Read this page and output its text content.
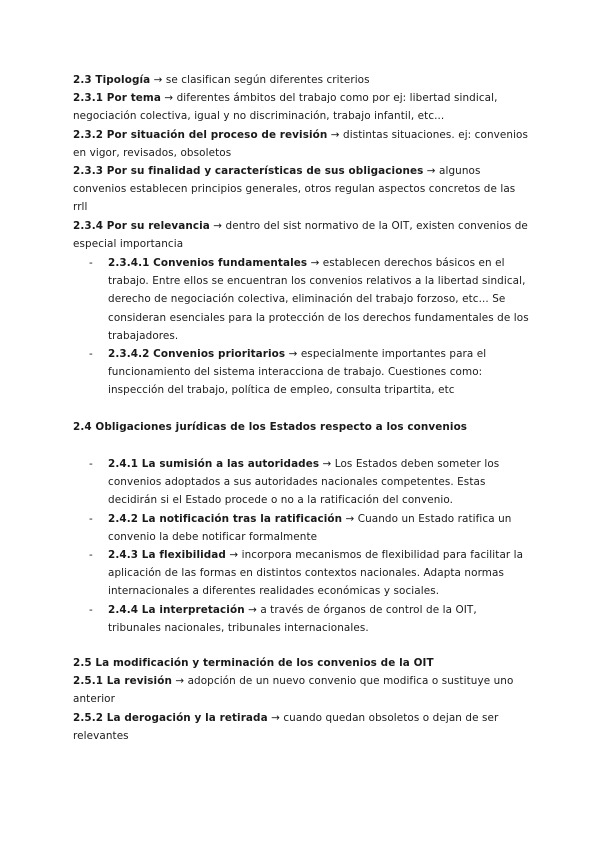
2.3 Tipología → se clasifican según diferentes criterios

2.3.1 Por tema → diferentes ámbitos del trabajo como por ej: libertad sindical, negociación colectiva, igual y no discriminación, trabajo infantil, etc...

2.3.2 Por situación del proceso de revisión → distintas situaciones. ej: convenios en vigor, revisados, obsoletos

2.3.3 Por su finalidad y características de sus obligaciones → algunos convenios establecen principios generales, otros regulan aspectos concretos de las rrll

2.3.4 Por su relevancia → dentro del sist normativo de la OIT, existen convenios de especial importancia

- 2.3.4.1 Convenios fundamentales → establecen derechos básicos en el trabajo. Entre ellos se encuentran los convenios relativos a la libertad sindical, derecho de negociación colectiva, eliminación del trabajo forzoso, etc... Se consideran esenciales para la protección de los derechos fundamentales de los trabajadores.
- 2.3.4.2 Convenios prioritarios → especialmente importantes para el funcionamiento del sistema interacciona de trabajo. Cuestiones como: inspección del trabajo, política de empleo, consulta tripartita, etc

2.4 Obligaciones jurídicas de los Estados respecto a los convenios

- 2.4.1 La sumisión a las autoridades → Los Estados deben someter los convenios adoptados a sus autoridades nacionales competentes. Estas decidirán si el Estado procede o no a la ratificación del convenio.
- 2.4.2 La notificación tras la ratificación → Cuando un Estado ratifica un convenio la debe notificar formalmente
- 2.4.3 La flexibilidad → incorpora mecanismos de flexibilidad para facilitar la aplicación de las formas en distintos contextos nacionales. Adapta normas internacionales a diferentes realidades económicas y sociales.
- 2.4.4 La interpretación → a través de órganos de control de la OIT, tribunales nacionales, tribunales internacionales.

2.5 La modificación y terminación de los convenios de la OIT

2.5.1 La revisión → adopción de un nuevo convenio que modifica o sustituye uno anterior

2.5.2 La derogación y la retirada → cuando quedan obsoletos o dejan de ser relevantes
